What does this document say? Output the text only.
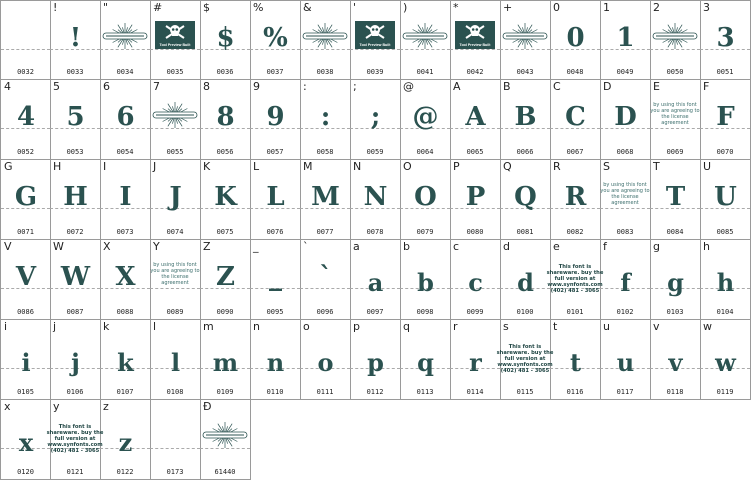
0032
!
!
0033
"
0034
#
Tool Preview Built
0035
$
$
0036
%
%
0037
&
0038
'
Tool Preview Built
0039
)
0041
*
Tool Preview Built
0042
+
0043
0
0
0048
1
1
0049
2
0050
3
3
0051
4
4
0052
5
5
0053
6
6
0054
7
0055
8
8
0056
9
9
0057
:
:
0058
;
;
0059
@
@
0064
A
A
0065
B
B
0066
C
C
0067
D
D
0068
E
by using this font you are agreeing to the license agreement
0069
F
F
0070
G
G
0071
H
H
0072
I
I
0073
J
J
0074
K
K
0075
L
L
0076
M
M
0077
N
N
0078
O
O
0079
P
P
0080
Q
Q
0081
R
R
0082
S
by using this font you are agreeing to the license agreement
0083
T
T
0084
U
U
0085
V
V
0086
W
W
0087
X
X
0088
Y
by using this font you are agreeing to the license agreement
0089
Z
Z
0090
_
_
0095
`
`
0096
a
a
0097
b
b
0098
c
c
0099
d
d
0100
e
This font is shareware. buy the full version at www.synfonts.com (402) 481 - 3065
0101
f
f
0102
g
g
0103
h
h
0104
i
i
0105
j
j
0106
k
k
0107
l
l
0108
m
m
0109
n
n
0110
o
o
0111
p
p
0112
q
q
0113
r
r
0114
s
This font is shareware. buy the full version at www.synfonts.com (402) 481 - 3065
0115
t
t
0116
u
u
0117
v
v
0118
w
w
0119
x
x
0120
y
This font is shareware. buy the full version at www.synfonts.com (402) 481 - 3065
0121
z
z
0122	0173
Ð
61440
